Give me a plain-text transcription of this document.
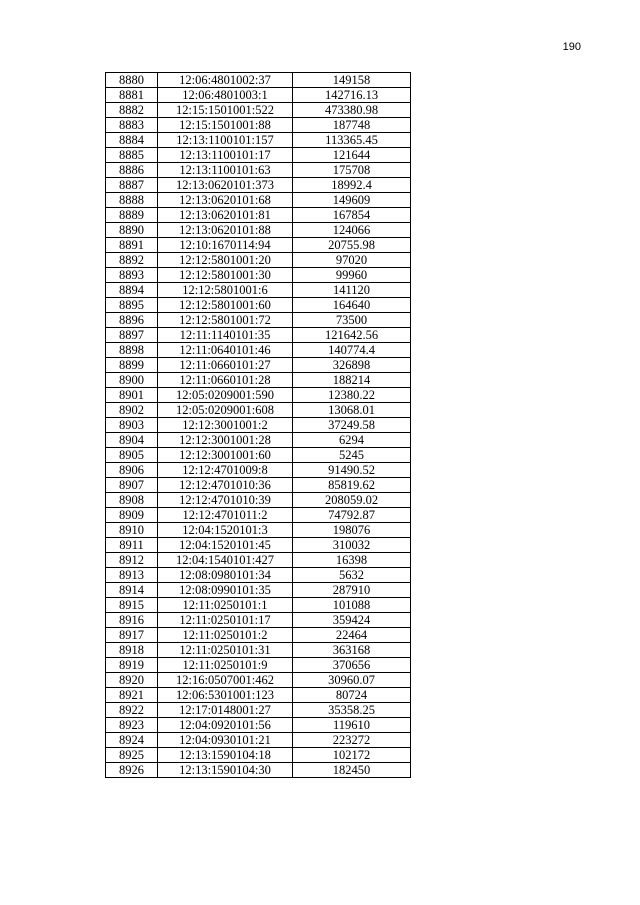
190
8880	12:06:4801002:37	149158
8881	12:06:4801003:1	142716.13
8882	12:15:1501001:522	473380.98
8883	12:15:1501001:88	187748
8884	12:13:1100101:157	113365.45
8885	12:13:1100101:17	121644
8886	12:13:1100101:63	175708
8887	12:13:0620101:373	18992.4
8888	12:13:0620101:68	149609
8889	12:13:0620101:81	167854
8890	12:13:0620101:88	124066
8891	12:10:1670114:94	20755.98
8892	12:12:5801001:20	97020
8893	12:12:5801001:30	99960
8894	12:12:5801001:6	141120
8895	12:12:5801001:60	164640
8896	12:12:5801001:72	73500
8897	12:11:1140101:35	121642.56
8898	12:11:0640101:46	140774.4
8899	12:11:0660101:27	326898
8900	12:11:0660101:28	188214
8901	12:05:0209001:590	12380.22
8902	12:05:0209001:608	13068.01
8903	12:12:3001001:2	37249.58
8904	12:12:3001001:28	6294
8905	12:12:3001001:60	5245
8906	12:12:4701009:8	91490.52
8907	12:12:4701010:36	85819.62
8908	12:12:4701010:39	208059.02
8909	12:12:4701011:2	74792.87
8910	12:04:1520101:3	198076
8911	12:04:1520101:45	310032
8912	12:04:1540101:427	16398
8913	12:08:0980101:34	5632
8914	12:08:0990101:35	287910
8915	12:11:0250101:1	101088
8916	12:11:0250101:17	359424
8917	12:11:0250101:2	22464
8918	12:11:0250101:31	363168
8919	12:11:0250101:9	370656
8920	12:16:0507001:462	30960.07
8921	12:06:5301001:123	80724
8922	12:17:0148001:27	35358.25
8923	12:04:0920101:56	119610
8924	12:04:0930101:21	223272
8925	12:13:1590104:18	102172
8926	12:13:1590104:30	182450
